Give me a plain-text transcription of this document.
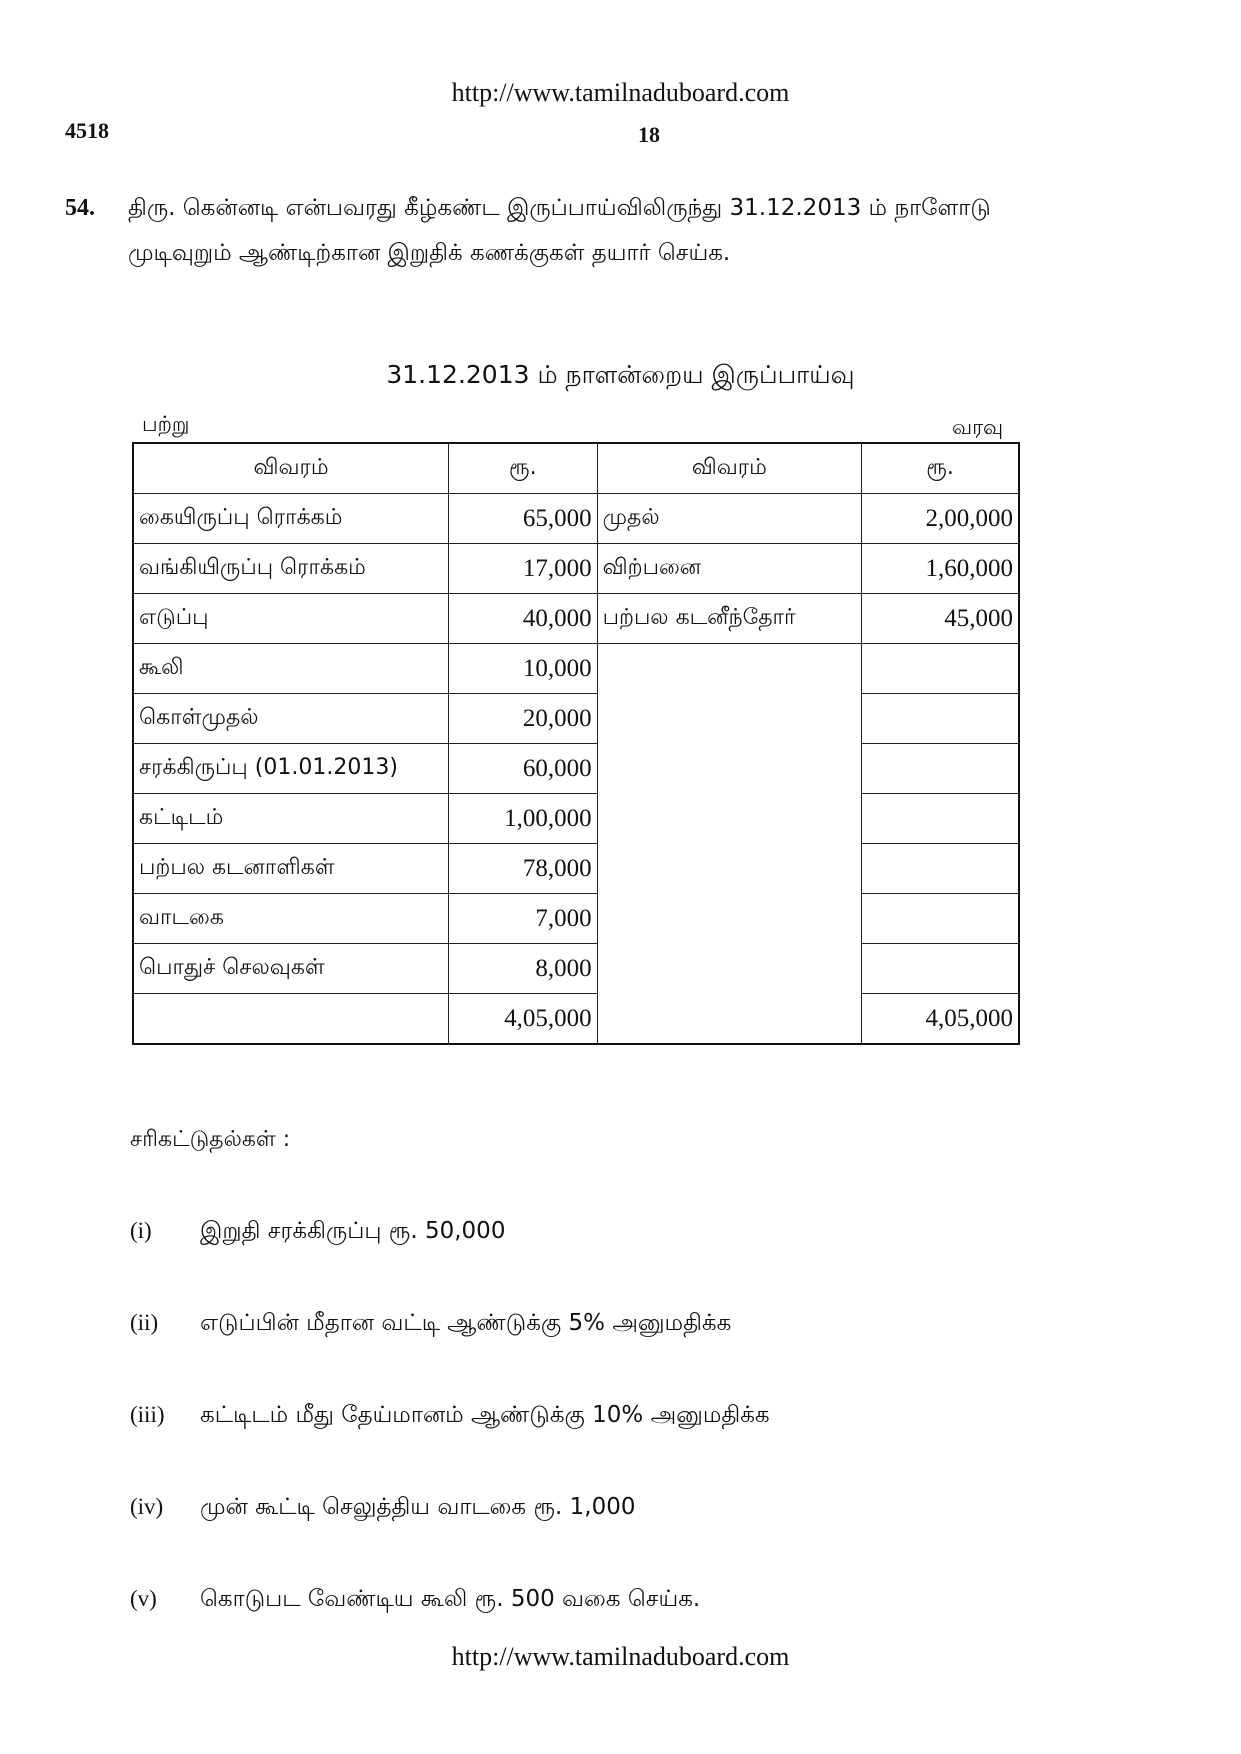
http://www.tamilnaduboard.com
4518	18
54. திரு. கென்னடி என்பவரது கீழ்கண்ட இருப்பாய்விலிருந்து 31.12.2013 ம் நாளோடு
முடிவுறும் ஆண்டிற்கான இறுதிக் கணக்குகள் தயார் செய்க.
31.12.2013 ம் நாளன்றைய இருப்பாய்வு
பற்று	வரவு
விவரம்	ரூ.	விவரம்	ரூ.
கையிருப்பு ரொக்கம்	65,000	முதல்	2,00,000
வங்கியிருப்பு ரொக்கம்	17,000	விற்பனை	1,60,000
எடுப்பு	40,000	பற்பல கடனீந்தோர்	45,000
கூலி	10,000		
கொள்முதல்	20,000		
சரக்கிருப்பு (01.01.2013)	60,000		
கட்டிடம்	1,00,000		
பற்பல கடனாளிகள்	78,000		
வாடகை	7,000		
பொதுச் செலவுகள்	8,000		
	4,05,000		4,05,000
சரிகட்டுதல்கள் :
(i) இறுதி சரக்கிருப்பு ரூ. 50,000
(ii) எடுப்பின் மீதான வட்டி ஆண்டுக்கு 5% அனுமதிக்க
(iii) கட்டிடம் மீது தேய்மானம் ஆண்டுக்கு 10% அனுமதிக்க
(iv) முன் கூட்டி செலுத்திய வாடகை ரூ. 1,000
(v) கொடுபட வேண்டிய கூலி ரூ. 500 வகை செய்க.
http://www.tamilnaduboard.com
